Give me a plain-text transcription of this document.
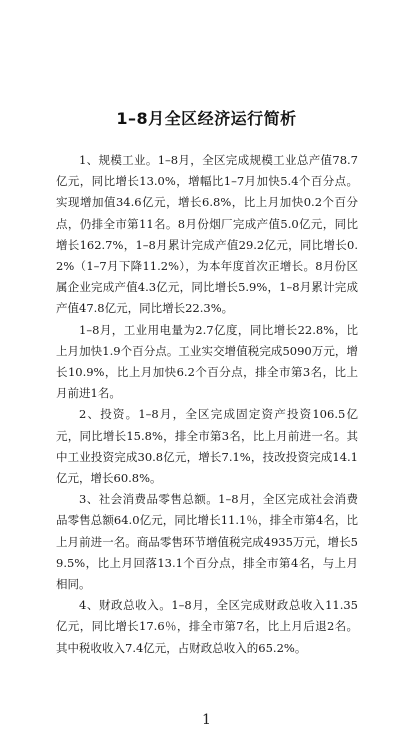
1–8月全区经济运行简析

1、规模工业。1–8月，全区完成规模工业总产值78.7亿元，同比增长13.0%，增幅比1–7月加快5.4个百分点。实现增加值34.6亿元，增长6.8%，比上月加快0.2个百分点，仍排全市第11名。8月份烟厂完成产值5.0亿元，同比增长162.7%，1–8月累计完成产值29.2亿元，同比增长0.2%（1–7月下降11.2%），为本年度首次正增长。8月份区属企业完成产值4.3亿元，同比增长5.9%，1–8月累计完成产值47.8亿元，同比增长22.3%。

1–8月，工业用电量为2.7亿度，同比增长22.8%，比上月加快1.9个百分点。工业实交增值税完成5090万元，增长10.9%，比上月加快6.2个百分点，排全市第3名，比上月前进1名。

2、投资。1–8月，全区完成固定资产投资106.5亿元，同比增长15.8%，排全市第3名，比上月前进一名。其中工业投资完成30.8亿元，增长7.1%，技改投资完成14.1亿元，增长60.8%。

3、社会消费品零售总额。1–8月，全区完成社会消费品零售总额64.0亿元，同比增长11.1％，排全市第4名，比上月前进一名。商品零售环节增值税完成4935万元，增长59.5%，比上月回落13.1个百分点，排全市第4名，与上月相同。

4、财政总收入。1–8月，全区完成财政总收入11.35亿元，同比增长17.6％，排全市第7名，比上月后退2名。其中税收收入7.4亿元，占财政总收入的65.2%。

1
